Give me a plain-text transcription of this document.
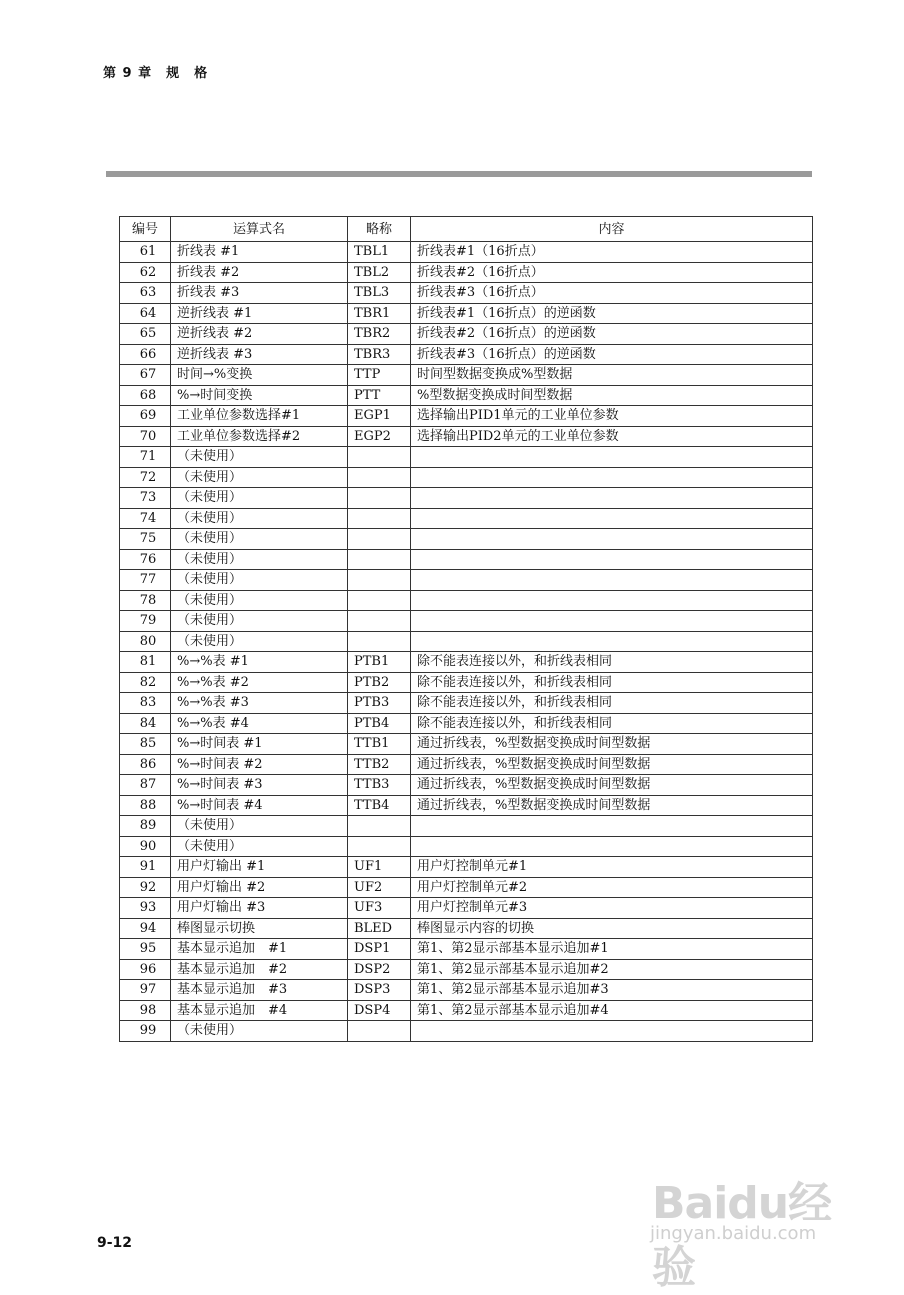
第 9 章　规　格
编号	运算式名	略称	内容
61	折线表 #1	TBL1	折线表#1（16折点）
62	折线表 #2	TBL2	折线表#2（16折点）
63	折线表 #3	TBL3	折线表#3（16折点）
64	逆折线表 #1	TBR1	折线表#1（16折点）的逆函数
65	逆折线表 #2	TBR2	折线表#2（16折点）的逆函数
66	逆折线表 #3	TBR3	折线表#3（16折点）的逆函数
67	时间→%变换	TTP	时间型数据变换成%型数据
68	%→时间变换	PTT	%型数据变换成时间型数据
69	工业单位参数选择#1	EGP1	选择输出PID1单元的工业单位参数
70	工业单位参数选择#2	EGP2	选择输出PID2单元的工业单位参数
71	（未使用）		
72	（未使用）		
73	（未使用）		
74	（未使用）		
75	（未使用）		
76	（未使用）		
77	（未使用）		
78	（未使用）		
79	（未使用）		
80	（未使用）		
81	%→%表 #1	PTB1	除不能表连接以外，和折线表相同
82	%→%表 #2	PTB2	除不能表连接以外，和折线表相同
83	%→%表 #3	PTB3	除不能表连接以外，和折线表相同
84	%→%表 #4	PTB4	除不能表连接以外，和折线表相同
85	%→时间表 #1	TTB1	通过折线表，%型数据变换成时间型数据
86	%→时间表 #2	TTB2	通过折线表，%型数据变换成时间型数据
87	%→时间表 #3	TTB3	通过折线表，%型数据变换成时间型数据
88	%→时间表 #4	TTB4	通过折线表，%型数据变换成时间型数据
89	（未使用）		
90	（未使用）		
91	用户灯输出 #1	UF1	用户灯控制单元#1
92	用户灯输出 #2	UF2	用户灯控制单元#2
93	用户灯输出 #3	UF3	用户灯控制单元#3
94	棒图显示切换	BLED	棒图显示内容的切换
95	基本显示追加　#1	DSP1	第1、第2显示部基本显示追加#1
96	基本显示追加　#2	DSP2	第1、第2显示部基本显示追加#2
97	基本显示追加　#3	DSP3	第1、第2显示部基本显示追加#3
98	基本显示追加　#4	DSP4	第1、第2显示部基本显示追加#4
99	（未使用）		
9-12
Baidu经验
jingyan.baidu.com
